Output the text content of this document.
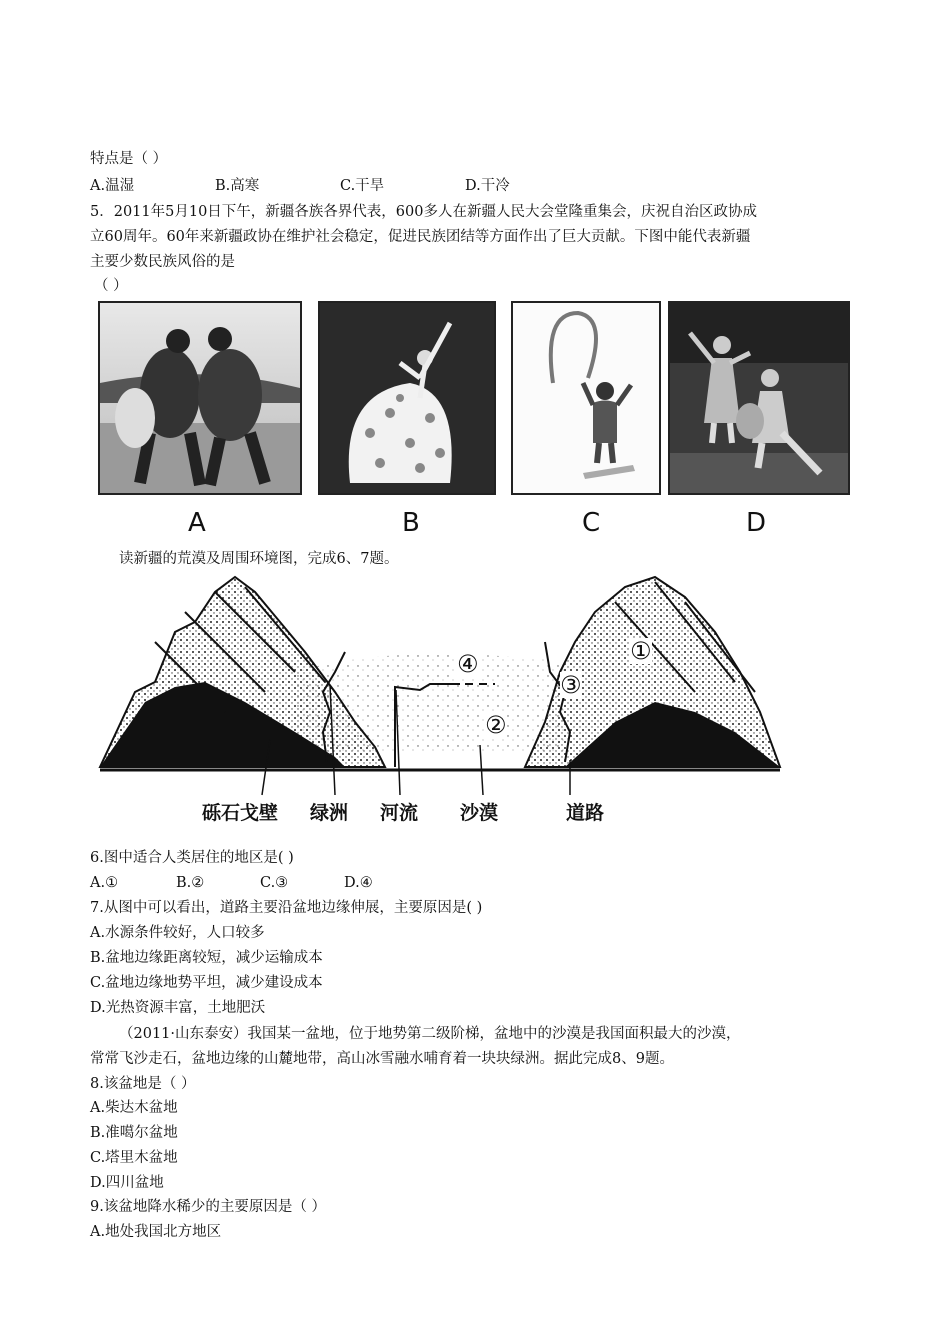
特点是（ ）
A.温湿	B.高寒	C.干旱	D.干冷
5．2011年5月10日下午，新疆各族各界代表，600多人在新疆人民大会堂隆重集会，庆祝自治区政协成
立60周年。60年来新疆政协在维护社会稳定，促进民族团结等方面作出了巨大贡献。下图中能代表新疆
主要少数民族风俗的是
（ ）
A	B	C	D
读新疆的荒漠及周围环境图，完成6、7题。
④	①
③
②
砾石戈壁 绿洲 河流 沙漠	道路
6.图中适合人类居住的地区是( )
A.①	B.②	C.③	D.④
7.从图中可以看出，道路主要沿盆地边缘伸展，主要原因是( )
A.水源条件较好，人口较多
B.盆地边缘距离较短，减少运输成本
C.盆地边缘地势平坦，减少建设成本
D.光热资源丰富，土地肥沃
（2011·山东泰安）我国某一盆地，位于地势第二级阶梯，盆地中的沙漠是我国面积最大的沙漠，
常常飞沙走石，盆地边缘的山麓地带，高山冰雪融水哺育着一块块绿洲。据此完成8、9题。
8.该盆地是（ ）
A.柴达木盆地
B.准噶尔盆地
C.塔里木盆地
D.四川盆地
9.该盆地降水稀少的主要原因是（ ）
A.地处我国北方地区
